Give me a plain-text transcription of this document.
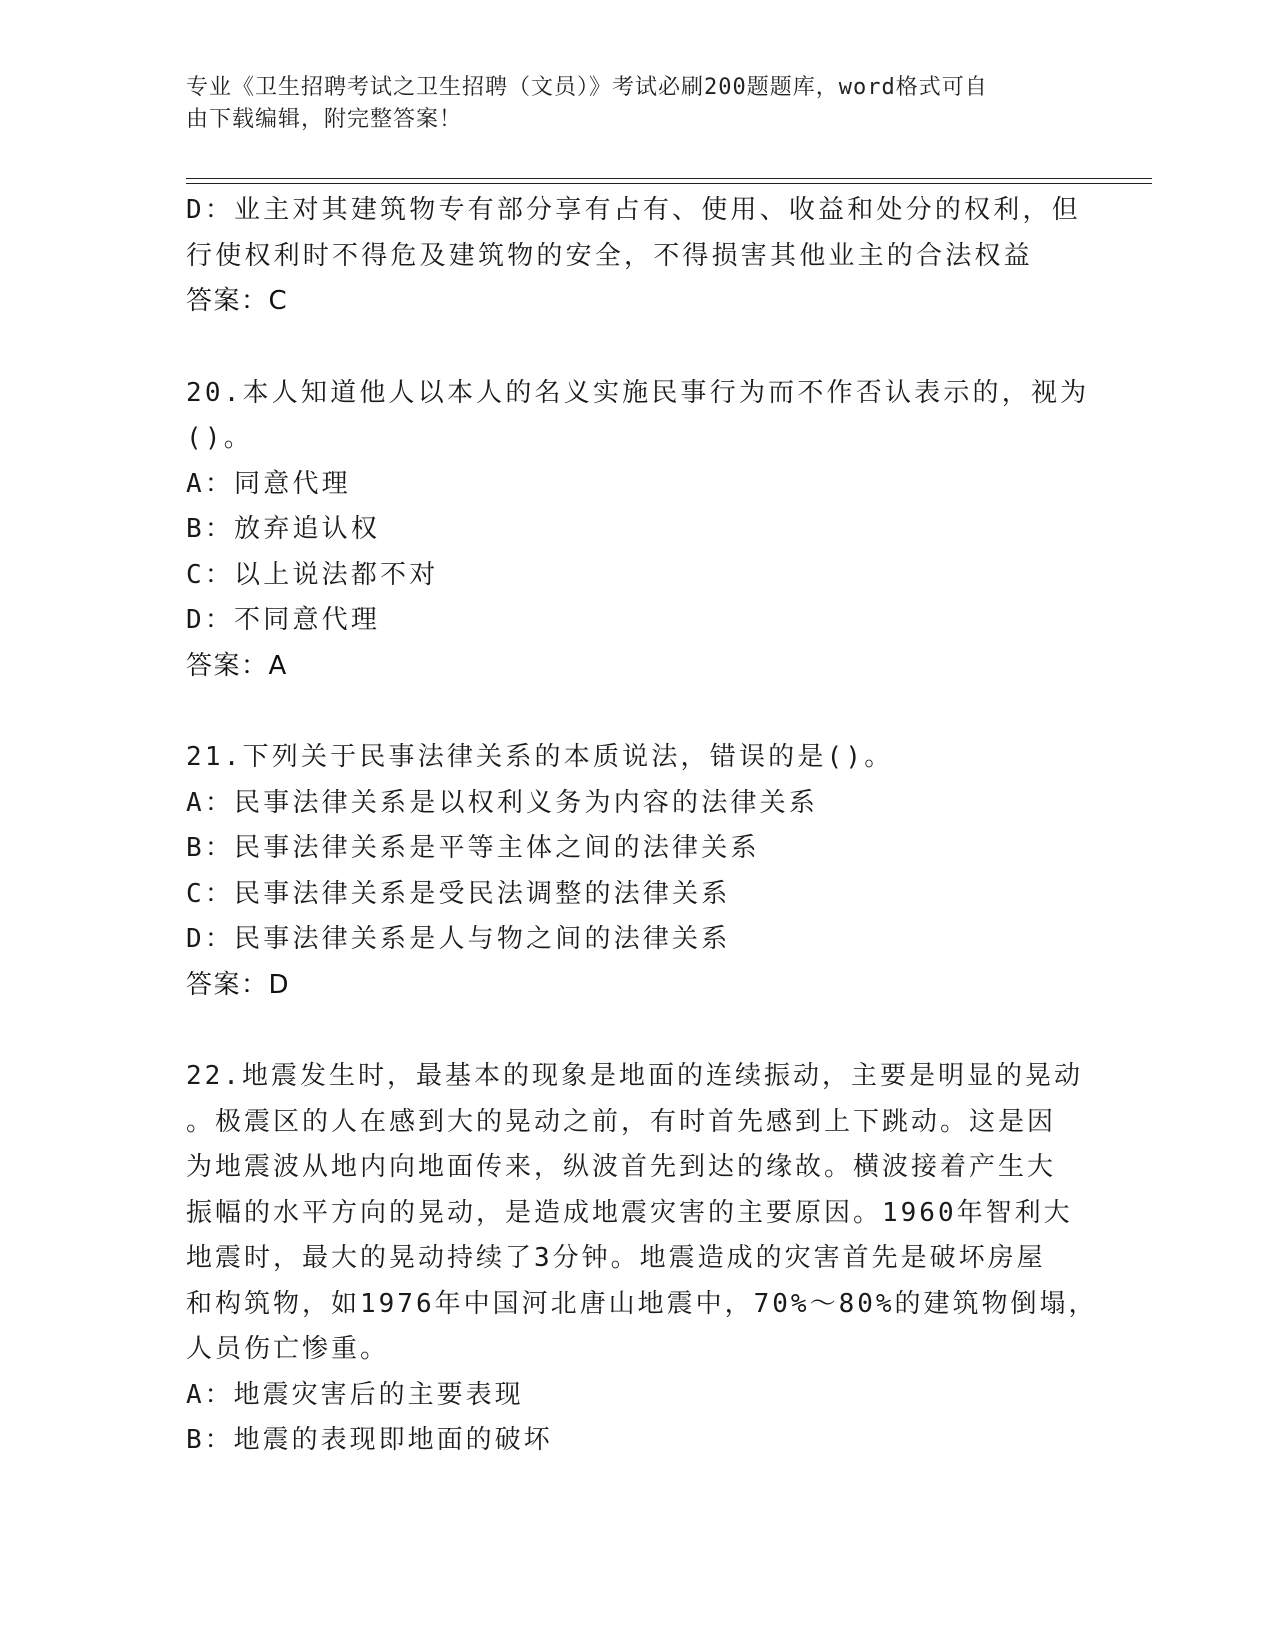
专业《卫生招聘考试之卫生招聘（文员）》考试必刷200题题库，word格式可自
由下载编辑，附完整答案！
D：业主对其建筑物专有部分享有占有、使用、收益和处分的权利，但
行使权利时不得危及建筑物的安全，不得损害其他业主的合法权益
答案：C
20.本人知道他人以本人的名义实施民事行为而不作否认表示的，视为
()。
A：同意代理
B：放弃追认权
C：以上说法都不对
D：不同意代理
答案：A
21.下列关于民事法律关系的本质说法，错误的是()。
A：民事法律关系是以权利义务为内容的法律关系
B：民事法律关系是平等主体之间的法律关系
C：民事法律关系是受民法调整的法律关系
D：民事法律关系是人与物之间的法律关系
答案：D
22.地震发生时，最基本的现象是地面的连续振动，主要是明显的晃动
。极震区的人在感到大的晃动之前，有时首先感到上下跳动。这是因
为地震波从地内向地面传来，纵波首先到达的缘故。横波接着产生大
振幅的水平方向的晃动，是造成地震灾害的主要原因。1960年智利大
地震时，最大的晃动持续了3分钟。地震造成的灾害首先是破坏房屋
和构筑物，如1976年中国河北唐山地震中，70%～80%的建筑物倒塌，
人员伤亡惨重。
A：地震灾害后的主要表现
B：地震的表现即地面的破坏
